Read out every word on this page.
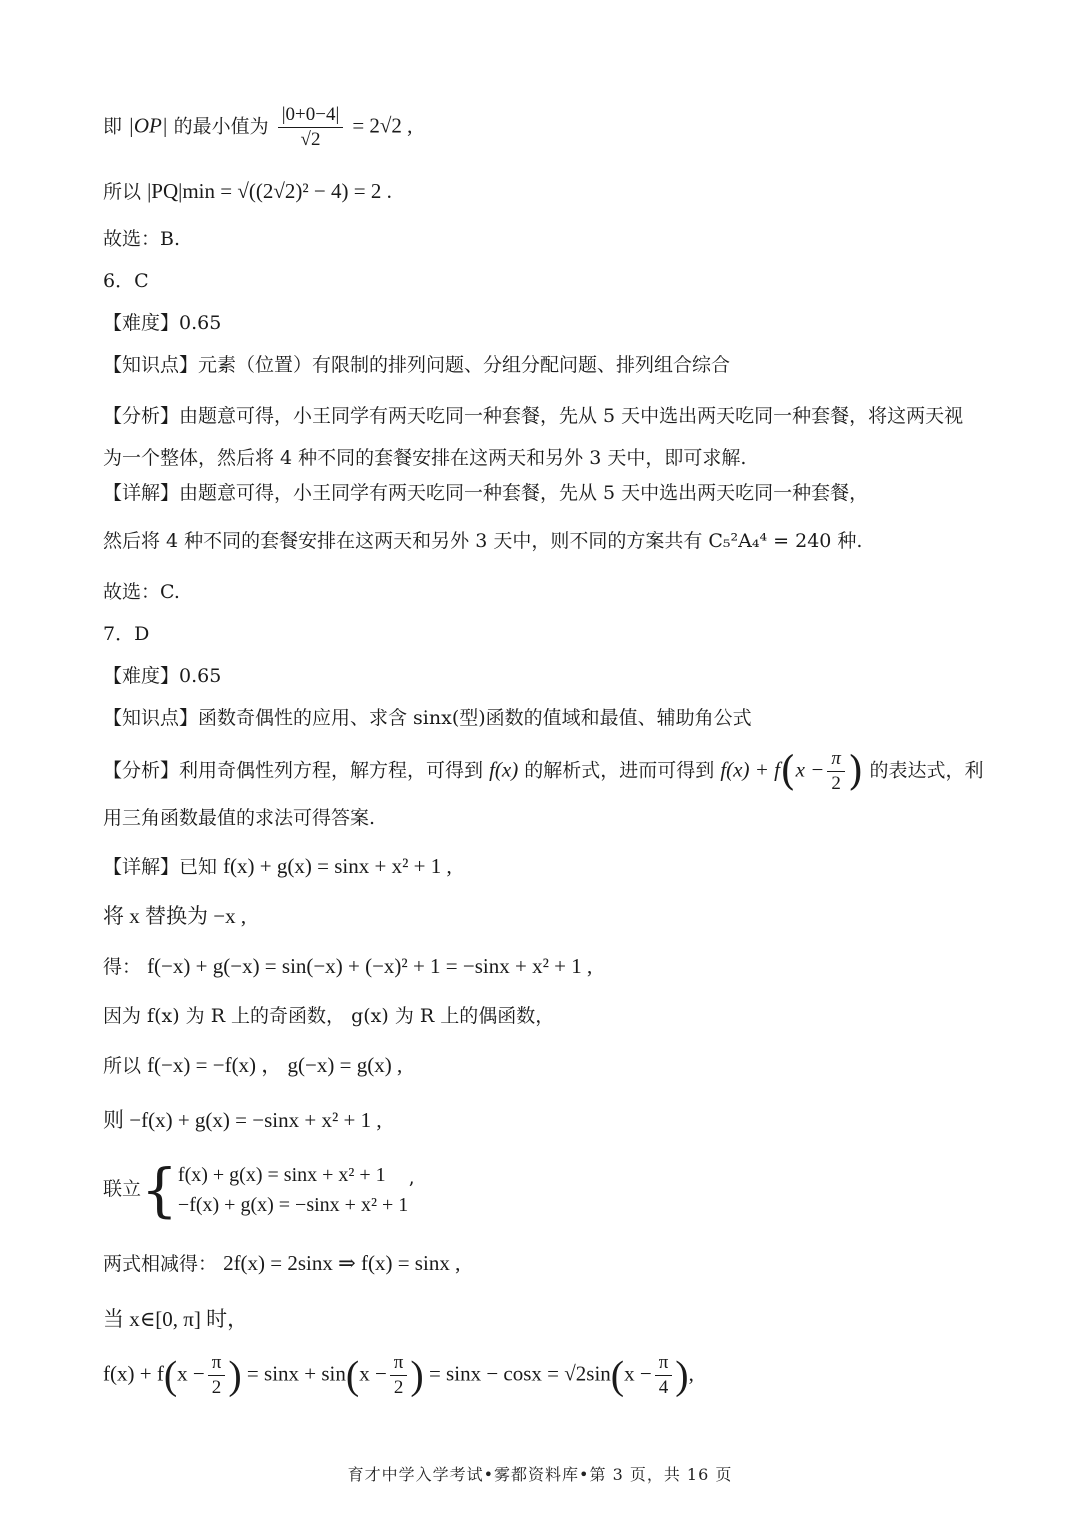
即 |OP| 的最小值为 $\frac{|0+0-4|}{√2} = 2√2$ ,
所以 |PQ|min = √((2√2)² − 4) = 2 .
故选：B.
6．C
【难度】0.65
【知识点】元素（位置）有限制的排列问题、分组分配问题、排列组合综合
【分析】由题意可得，小王同学有两天吃同一种套餐，先从 5 天中选出两天吃同一种套餐，将这两天视为一个整体，然后将 4 种不同的套餐安排在这两天和另外 3 天中，即可求解.
【详解】由题意可得，小王同学有两天吃同一种套餐，先从 5 天中选出两天吃同一种套餐，
然后将 4 种不同的套餐安排在这两天和另外 3 天中，则不同的方案共有 C₅²A₄⁴ = 240 种.
故选：C.
7．D
【难度】0.65
【知识点】函数奇偶性的应用、求含 sinx(型)函数的值域和最值、辅助角公式
【分析】利用奇偶性列方程，解方程，可得到 f(x) 的解析式，进而可得到 $f(x) + f(x - \frac{\pi}{2}$ ) 的表达式，利
用三角函数最值的求法可得答案.
【详解】已知 f(x) + g(x) = sinx + x² + 1 ,
将 x 替换为 −x ,
得： f(−x) + g(−x) = sin(−x) + (−x)² + 1 = −sinx + x² + 1 ,
因为 f(x) 为 R 上的奇函数， g(x) 为 R 上的偶函数，
所以 f(−x) = −f(x) ， g(−x) = g(x) ,
则 −f(x) + g(x) = −sinx + x² + 1 ,
联立{ f(x) + g(x) = sinx + x² + 1
−f(x) + g(x) = −sinx + x² + 1
’
两式相减得： 2f(x) = 2sinx ⇒ f(x) = sinx ,
当 x∈[0, π] 时，
$f(x) + f(x - \frac{\pi}{2}$ ) = $\sin x + \sin(x - \frac{\pi}{2}$ ) = $\sin x - \cos x = √2\sin(x - \frac{\pi}{4}$ ),
育才中学入学考试•雾都资料库•第 3 页，共 16 页
